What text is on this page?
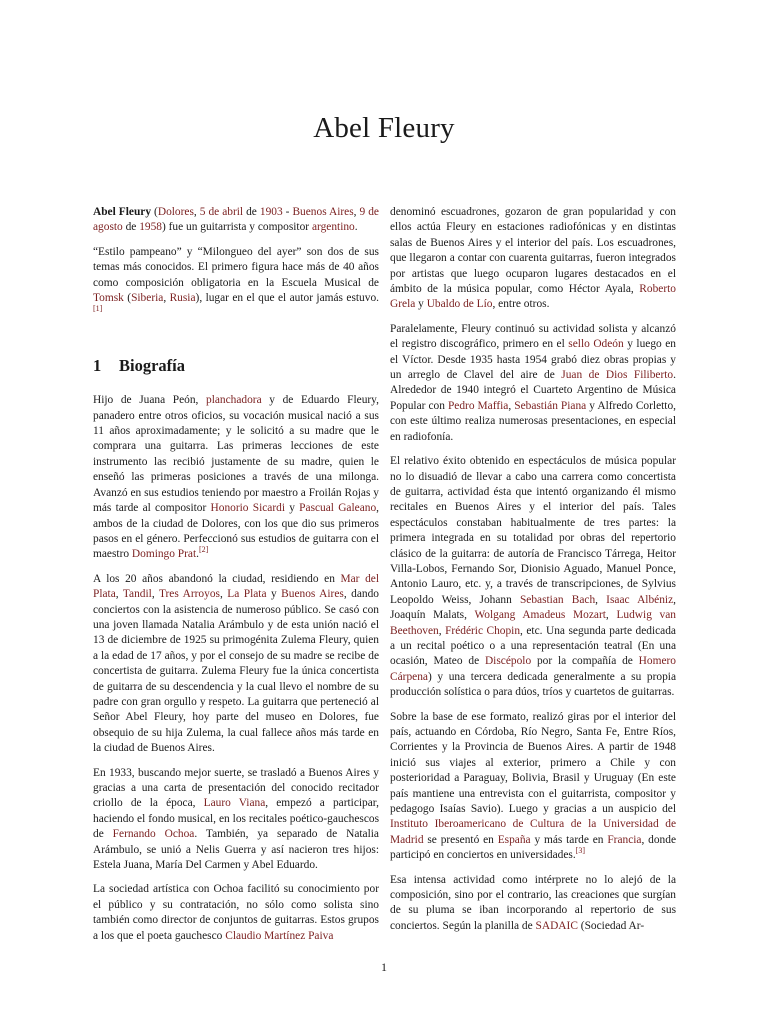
Abel Fleury

Abel Fleury (Dolores, 5 de abril de 1903 - Buenos Aires, 9 de agosto de 1958) fue un guitarrista y compositor argentino.

“Estilo pampeano” y “Milongueo del ayer” son dos de sus temas más conocidos. El primero figura hace más de 40 años como composición obligatoria en la Escuela Musical de Tomsk (Siberia, Rusia), lugar en el que el autor jamás estuvo.[1]

1 Biografía

Hijo de Juana Peón, planchadora y de Eduardo Fleury, panadero entre otros oficios, su vocación musical nació a sus 11 años aproximadamente; y le solicitó a su madre que le comprara una guitarra. Las primeras lecciones de este instrumento las recibió justamente de su madre, quien le enseñó las primeras posiciones a través de una milonga. Avanzó en sus estudios teniendo por maestro a Froilán Rojas y más tarde al compositor Honorio Sicardi y Pascual Galeano, ambos de la ciudad de Dolores, con los que dio sus primeros pasos en el género. Perfeccionó sus estudios de guitarra con el maestro Domingo Prat.[2]

A los 20 años abandonó la ciudad, residiendo en Mar del Plata, Tandil, Tres Arroyos, La Plata y Buenos Aires, dando conciertos con la asistencia de numeroso público. Se casó con una joven llamada Natalia Arámbulo y de esta unión nació el 13 de diciembre de 1925 su primogénita Zulema Fleury, quien a la edad de 17 años, y por el consejo de su madre se recibe de concertista de guitarra. Zulema Fleury fue la única concertista de guitarra de su descendencia y la cual llevo el nombre de su padre con gran orgullo y respeto. La guitarra que perteneció al Señor Abel Fleury, hoy parte del museo en Dolores, fue obsequio de su hija Zulema, la cual fallece años más tarde en la ciudad de Buenos Aires.

En 1933, buscando mejor suerte, se trasladó a Buenos Aires y gracias a una carta de presentación del conocido recitador criollo de la época, Lauro Viana, empezó a participar, haciendo el fondo musical, en los recitales poético-gauchescos de Fernando Ochoa. También, ya separado de Natalia Arámbulo, se unió a Nelis Guerra y así nacieron tres hijos: Estela Juana, María Del Carmen y Abel Eduardo.

La sociedad artística con Ochoa facilitó su conocimiento por el público y su contratación, no sólo como solista sino también como director de conjuntos de guitarras. Estos grupos a los que el poeta gauchesco Claudio Martínez Paiva

denominó escuadrones, gozaron de gran popularidad y con ellos actúa Fleury en estaciones radiofónicas y en distintas salas de Buenos Aires y el interior del país. Los escuadrones, que llegaron a contar con cuarenta guitarras, fueron integrados por artistas que luego ocuparon lugares destacados en el ámbito de la música popular, como Héctor Ayala, Roberto Grela y Ubaldo de Lío, entre otros.

Paralelamente, Fleury continuó su actividad solista y alcanzó el registro discográfico, primero en el sello Odeón y luego en el Víctor. Desde 1935 hasta 1954 grabó diez obras propias y un arreglo de Clavel del aire de Juan de Dios Filiberto. Alrededor de 1940 integró el Cuarteto Argentino de Música Popular con Pedro Maffia, Sebastián Piana y Alfredo Corletto, con este último realiza numerosas presentaciones, en especial en radiofonía.

El relativo éxito obtenido en espectáculos de música popular no lo disuadió de llevar a cabo una carrera como concertista de guitarra, actividad ésta que intentó organizando él mismo recitales en Buenos Aires y el interior del país. Tales espectáculos constaban habitualmente de tres partes: la primera integrada en su totalidad por obras del repertorio clásico de la guitarra: de autoría de Francisco Tárrega, Heitor Villa-Lobos, Fernando Sor, Dionisio Aguado, Manuel Ponce, Antonio Lauro, etc. y, a través de transcripciones, de Sylvius Leopoldo Weiss, Johann Sebastian Bach, Isaac Albéniz, Joaquín Malats, Wolgang Amadeus Mozart, Ludwig van Beethoven, Frédéric Chopin, etc. Una segunda parte dedicada a un recital poético o a una representación teatral (En una ocasión, Mateo de Discépolo por la compañía de Homero Cárpena) y una tercera dedicada generalmente a su propia producción solística o para dúos, tríos y cuartetos de guitarras.

Sobre la base de ese formato, realizó giras por el interior del país, actuando en Córdoba, Río Negro, Santa Fe, Entre Ríos, Corrientes y la Provincia de Buenos Aires. A partir de 1948 inició sus viajes al exterior, primero a Chile y con posterioridad a Paraguay, Bolivia, Brasil y Uruguay (En este país mantiene una entrevista con el guitarrista, compositor y pedagogo Isaías Savio). Luego y gracias a un auspicio del Instituto Iberoamericano de Cultura de la Universidad de Madrid se presentó en España y más tarde en Francia, donde participó en conciertos en universidades.[3]

Esa intensa actividad como intérprete no lo alejó de la composición, sino por el contrario, las creaciones que surgían de su pluma se iban incorporando al repertorio de sus conciertos. Según la planilla de SADAIC (Sociedad Ar-

1
